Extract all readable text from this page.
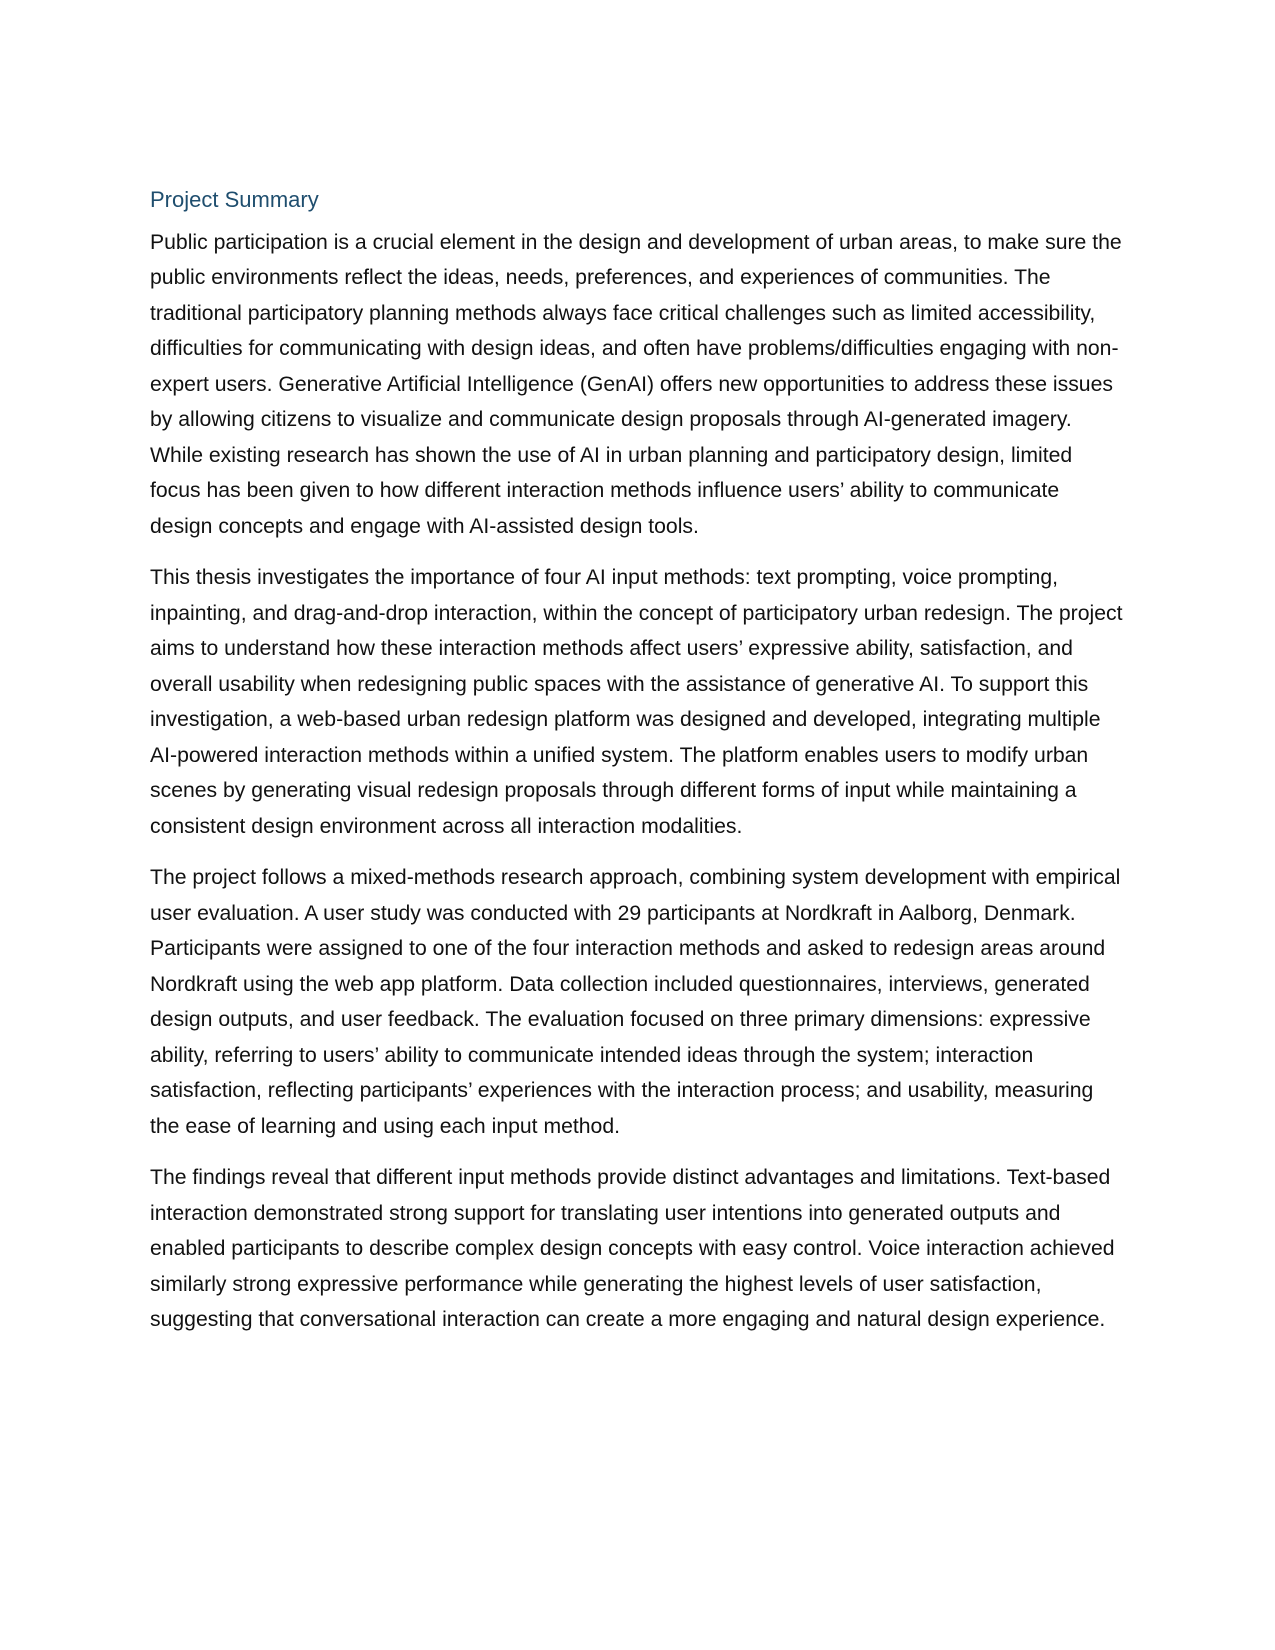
Project Summary

Public participation is a crucial element in the design and development of urban areas, to make sure the public environments reflect the ideas, needs, preferences, and experiences of communities. The traditional participatory planning methods always face critical challenges such as limited accessibility, difficulties for communicating with design ideas, and often have problems/difficulties engaging with non-expert users. Generative Artificial Intelligence (GenAI) offers new opportunities to address these issues by allowing citizens to visualize and communicate design proposals through AI-generated imagery. While existing research has shown the use of AI in urban planning and participatory design, limited focus has been given to how different interaction methods influence users’ ability to communicate design concepts and engage with AI-assisted design tools.

This thesis investigates the importance of four AI input methods: text prompting, voice prompting, inpainting, and drag-and-drop interaction, within the concept of participatory urban redesign. The project aims to understand how these interaction methods affect users’ expressive ability, satisfaction, and overall usability when redesigning public spaces with the assistance of generative AI. To support this investigation, a web-based urban redesign platform was designed and developed, integrating multiple AI-powered interaction methods within a unified system. The platform enables users to modify urban scenes by generating visual redesign proposals through different forms of input while maintaining a consistent design environment across all interaction modalities.

The project follows a mixed-methods research approach, combining system development with empirical user evaluation. A user study was conducted with 29 participants at Nordkraft in Aalborg, Denmark. Participants were assigned to one of the four interaction methods and asked to redesign areas around Nordkraft using the web app platform. Data collection included questionnaires, interviews, generated design outputs, and user feedback. The evaluation focused on three primary dimensions: expressive ability, referring to users’ ability to communicate intended ideas through the system; interaction satisfaction, reflecting participants’ experiences with the interaction process; and usability, measuring the ease of learning and using each input method.

The findings reveal that different input methods provide distinct advantages and limitations. Text-based interaction demonstrated strong support for translating user intentions into generated outputs and enabled participants to describe complex design concepts with easy control. Voice interaction achieved similarly strong expressive performance while generating the highest levels of user satisfaction, suggesting that conversational interaction can create a more engaging and natural design experience.
